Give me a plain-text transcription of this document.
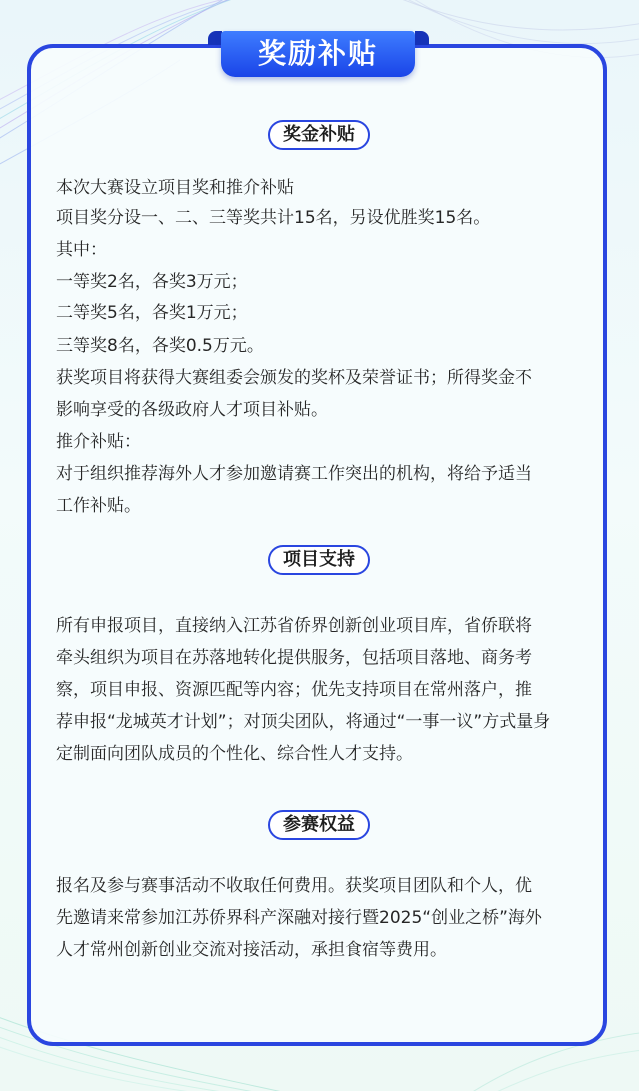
奖励补贴
奖金补贴
本次大赛设立项目奖和推介补贴
项目奖分设一、二、三等奖共计15名，另设优胜奖15名。
其中：
一等奖2名，各奖3万元；
二等奖5名，各奖1万元；
三等奖8名，各奖0.5万元。
获奖项目将获得大赛组委会颁发的奖杯及荣誉证书；所得奖金不
影响享受的各级政府人才项目补贴。
推介补贴：
对于组织推荐海外人才参加邀请赛工作突出的机构，将给予适当
工作补贴。
项目支持
所有申报项目，直接纳入江苏省侨界创新创业项目库，省侨联将
牵头组织为项目在苏落地转化提供服务，包括项目落地、商务考
察，项目申报、资源匹配等内容；优先支持项目在常州落户，推
荐申报“龙城英才计划”；对顶尖团队，将通过“一事一议”方式量身
定制面向团队成员的个性化、综合性人才支持。
参赛权益
报名及参与赛事活动不收取任何费用。获奖项目团队和个人，优
先邀请来常参加江苏侨界科产深融对接行暨2025“创业之桥”海外
人才常州创新创业交流对接活动，承担食宿等费用。
